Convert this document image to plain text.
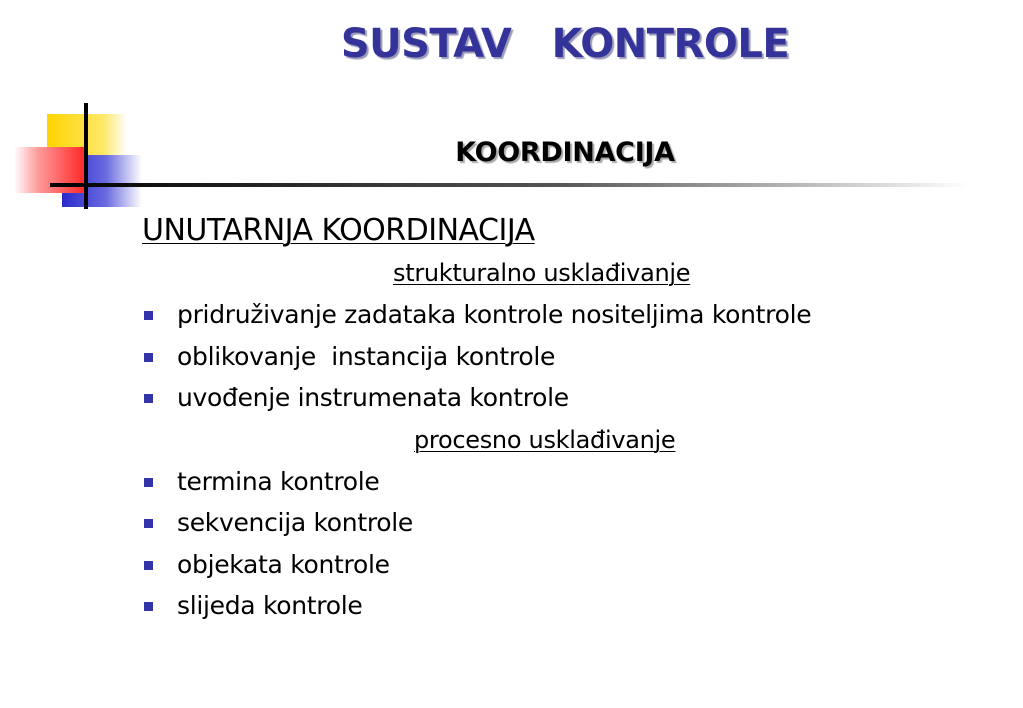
SUSTAV   KONTROLE
KOORDINACIJA
UNUTARNJA KOORDINACIJA
strukturalno usklađivanje
pridruživanje zadataka kontrole nositeljima kontrole
oblikovanje  instancija kontrole
uvođenje instrumenata kontrole
procesno usklađivanje
termina kontrole
sekvencija kontrole
objekata kontrole
slijeda kontrole
